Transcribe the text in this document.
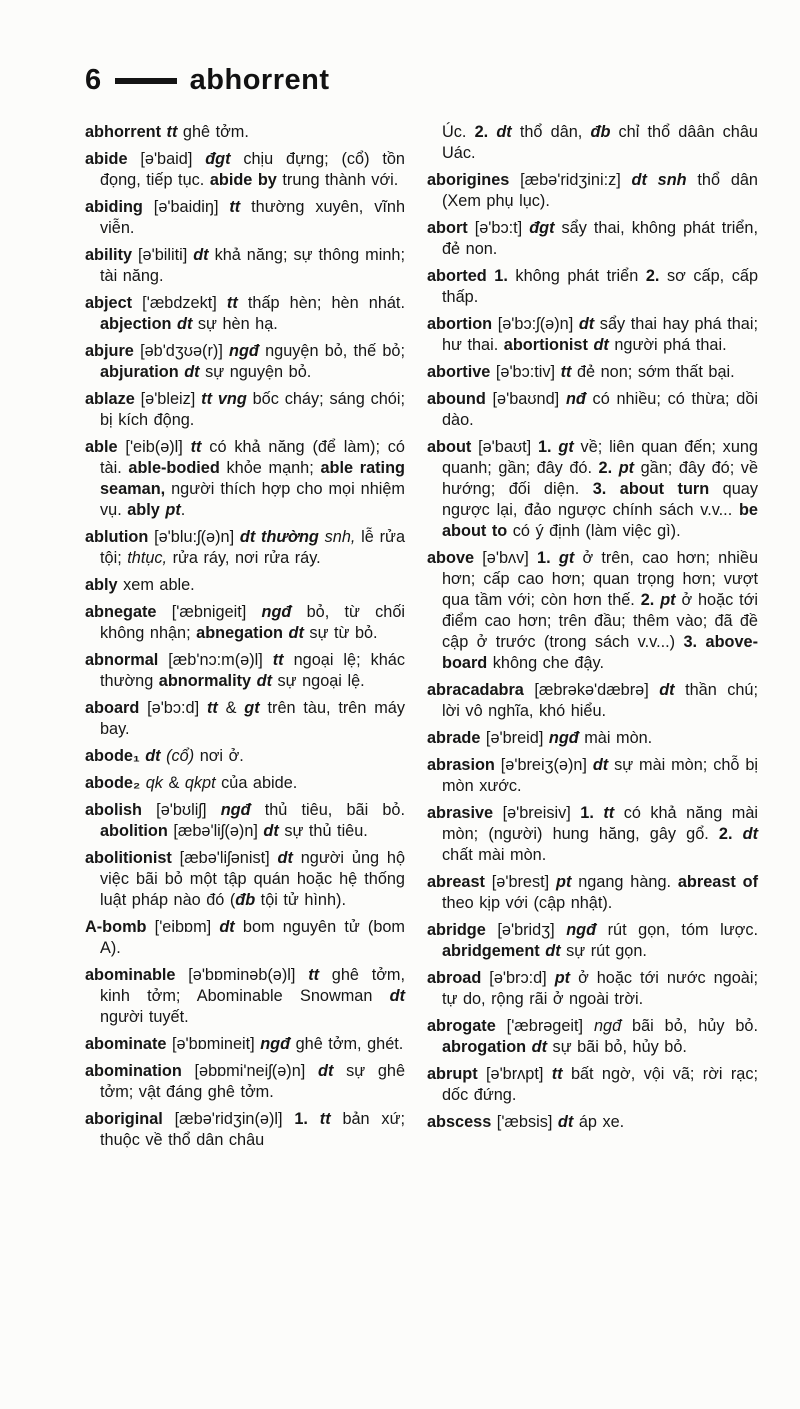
6	abhorrent

abhorrent tt ghê tởm.

abide [ə'baid] đgt chịu đựng; (cổ) tồn đọng, tiếp tục. abide by trung thành với.

abiding [ə'baidiŋ] tt thường xuyên, vĩnh viễn.

ability [ə'biliti] dt khả năng; sự thông minh; tài năng.

abject ['æbdzekt] tt thấp hèn; hèn nhát. abjection dt sự hèn hạ.

abjure [əb'dʒʊə(r)] ngđ nguyện bỏ, thế bỏ; abjuration dt sự nguyện bỏ.

ablaze [ə'bleiz] tt vng bốc cháy; sáng chói; bị kích động.

able ['eib(ə)l] tt có khả năng (để làm); có tài. able-bodied khỏe mạnh; able rating seaman, người thích hợp cho mọi nhiệm vụ. ably pt.

ablution [ə'blu:ʃ(ə)n] dt thường snh, lễ rửa tội; thtục, rửa ráy, nơi rửa ráy.

ably xem able.

abnegate ['æbnigeit] ngđ bỏ, từ chối không nhận; abnegation dt sự từ bỏ.

abnormal [æb'nɔ:m(ə)l] tt ngoại lệ; khác thường abnormality dt sự ngoại lệ.

aboard [ə'bɔ:d] tt & gt trên tàu, trên máy bay.

abode₁ dt (cổ) nơi ở.

abode₂ qk & qkpt của abide.

abolish [ə'bʊliʃ] ngđ thủ tiêu, bãi bỏ. abolition [æbə'liʃ(ə)n] dt sự thủ tiêu.

abolitionist [æbə'liʃənist] dt người ủng hộ việc bãi bỏ một tập quán hoặc hệ thống luật pháp nào đó (đb tội tử hình).

A-bomb ['eibɒm] dt bom nguyên tử (bom A).

abominable [ə'bɒminəb(ə)l] tt ghê tởm, kinh tởm; Abominable Snowman dt người tuyết.

abominate [ə'bɒmineit] ngđ ghê tởm, ghét.

abomination [əbɒmi'neiʃ(ə)n] dt sự ghê tởm; vật đáng ghê tởm.

aboriginal [æbə'ridʒin(ə)l] 1. tt bản xứ; thuộc về thổ dân châu

Úc. 2. dt thổ dân, đb chỉ thổ dâân châu Uác.

aborigines [æbə'ridʒini:z] dt snh thổ dân (Xem phụ lục).

abort [ə'bɔ:t] đgt sẩy thai, không phát triển, đẻ non.

aborted 1. không phát triển 2. sơ cấp, cấp thấp.

abortion [ə'bɔ:ʃ(ə)n] dt sẩy thai hay phá thai; hư thai. abortionist dt người phá thai.

abortive [ə'bɔ:tiv] tt đẻ non; sớm thất bại.

abound [ə'baʊnd] nđ có nhiều; có thừa; dồi dào.

about [ə'baʊt] 1. gt về; liên quan đến; xung quanh; gần; đây đó. 2. pt gần; đây đó; về hướng; đối diện. 3. about turn quay ngược lại, đảo ngược chính sách v.v... be about to có ý định (làm việc gì).

above [ə'bʌv] 1. gt ở trên, cao hơn; nhiều hơn; cấp cao hơn; quan trọng hơn; vượt qua tầm với; còn hơn thế. 2. pt ở hoặc tới điểm cao hơn; trên đầu; thêm vào; đã đề cập ở trước (trong sách v.v...) 3. above-board không che đậy.

abracadabra [æbrəkə'dæbrə] dt thần chú; lời vô nghĩa, khó hiểu.

abrade [ə'breid] ngđ mài mòn.

abrasion [ə'breiʒ(ə)n] dt sự mài mòn; chỗ bị mòn xước.

abrasive [ə'breisiv] 1. tt có khả năng mài mòn; (người) hung hăng, gây gổ. 2. dt chất mài mòn.

abreast [ə'brest] pt ngang hàng. abreast of theo kịp với (cập nhật).

abridge [ə'bridʒ] ngđ rút gọn, tóm lược. abridgement dt sự rút gọn.

abroad [ə'brɔ:d] pt ở hoặc tới nước ngoài; tự do, rộng rãi ở ngoài trời.

abrogate ['æbrəgeit] ngđ bãi bỏ, hủy bỏ. abrogation dt sự bãi bỏ, hủy bỏ.

abrupt [ə'brʌpt] tt bất ngờ, vội vã; rời rạc; dốc đứng.

abscess ['æbsis] dt áp xe.
